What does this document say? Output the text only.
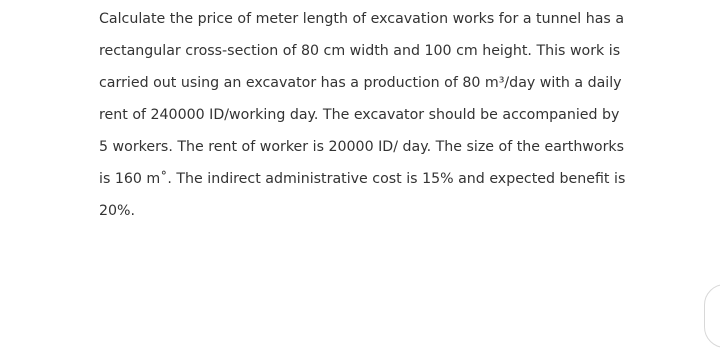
Calculate the price of meter length of excavation works for a tunnel has a
rectangular cross-section of 80 cm width and 100 cm height. This work is
carried out using an excavator has a production of 80 m³/day with a daily
rent of 240000 ID/working day. The excavator should be accompanied by
5 workers. The rent of worker is 20000 ID/ day. The size of the earthworks
is 160 m˚. The indirect administrative cost is 15% and expected benefit is
20%.
